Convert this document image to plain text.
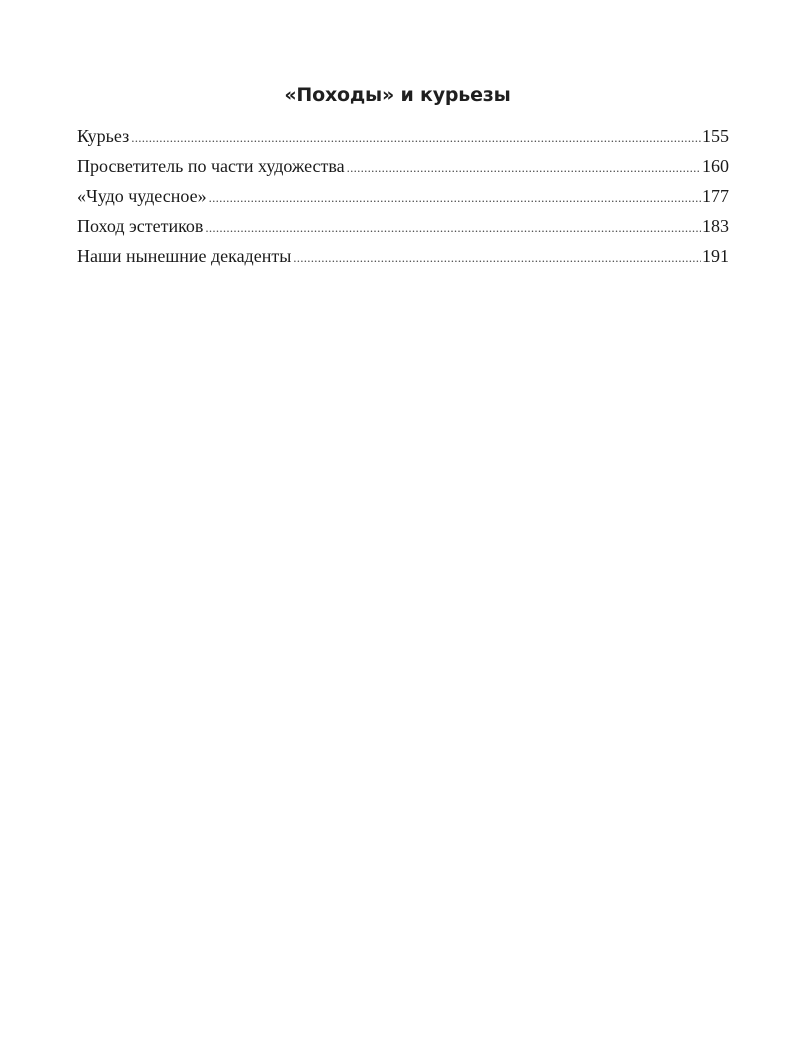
«Походы» и курьезы
Курьез . . .	155
Просветитель по части художества . . .	160
«Чудо чудесное» . . .	177
Поход эстетиков . . .	183
Наши нынешние декаденты . . .	191
